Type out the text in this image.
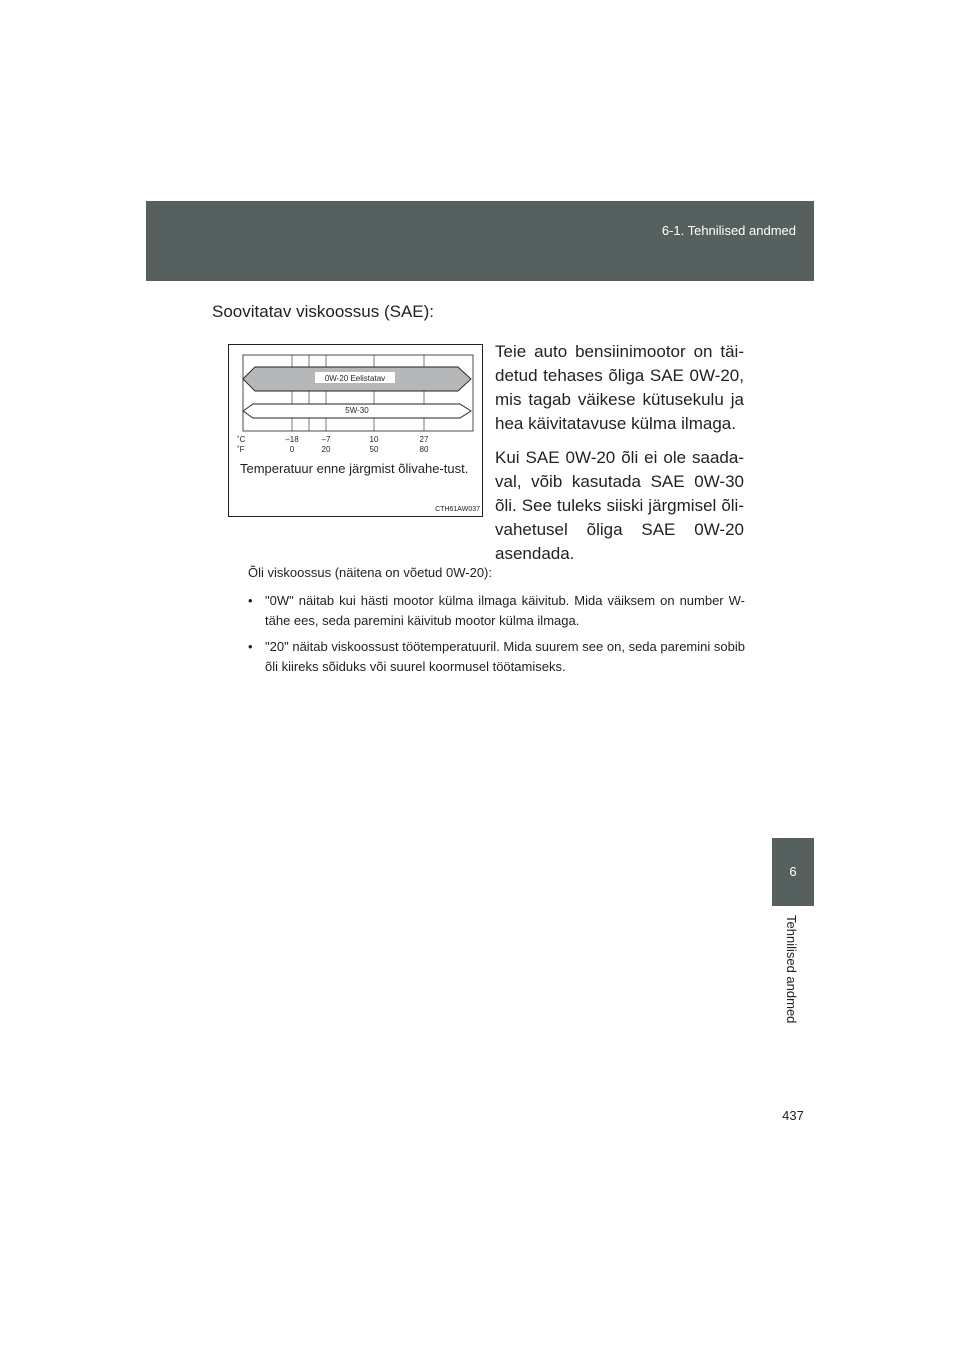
6-1. Tehnilised andmed
Soovitatav viskoossus (SAE):
0W-20 Eelistatav
5W-30
˚C
˚F
–18	–7	10	27
0	20	50	80
Temperatuur enne järgmist õlivahe-tust.
CTH61AW037

Teie auto bensiinimootor on täi-detud tehases õliga SAE 0W-20, mis tagab väikese kütusekulu ja hea käivitatavuse külma ilmaga.

Kui SAE 0W-20 õli ei ole saada-val, võib kasutada SAE 0W-30 õli. See tuleks siiski järgmisel õli-vahetusel õliga SAE 0W-20 asendada.

Õli viskoossus (näitena on võetud 0W-20):

• "0W" näitab kui hästi mootor külma ilmaga käivitub. Mida väiksem on number W-tähe ees, seda paremini käivitub mootor külma ilmaga.
• "20" näitab viskoossust töötemperatuuril. Mida suurem see on, seda paremini sobib õli kiireks sõiduks või suurel koormusel töötamiseks.
6
Tehnilised andmed
437
